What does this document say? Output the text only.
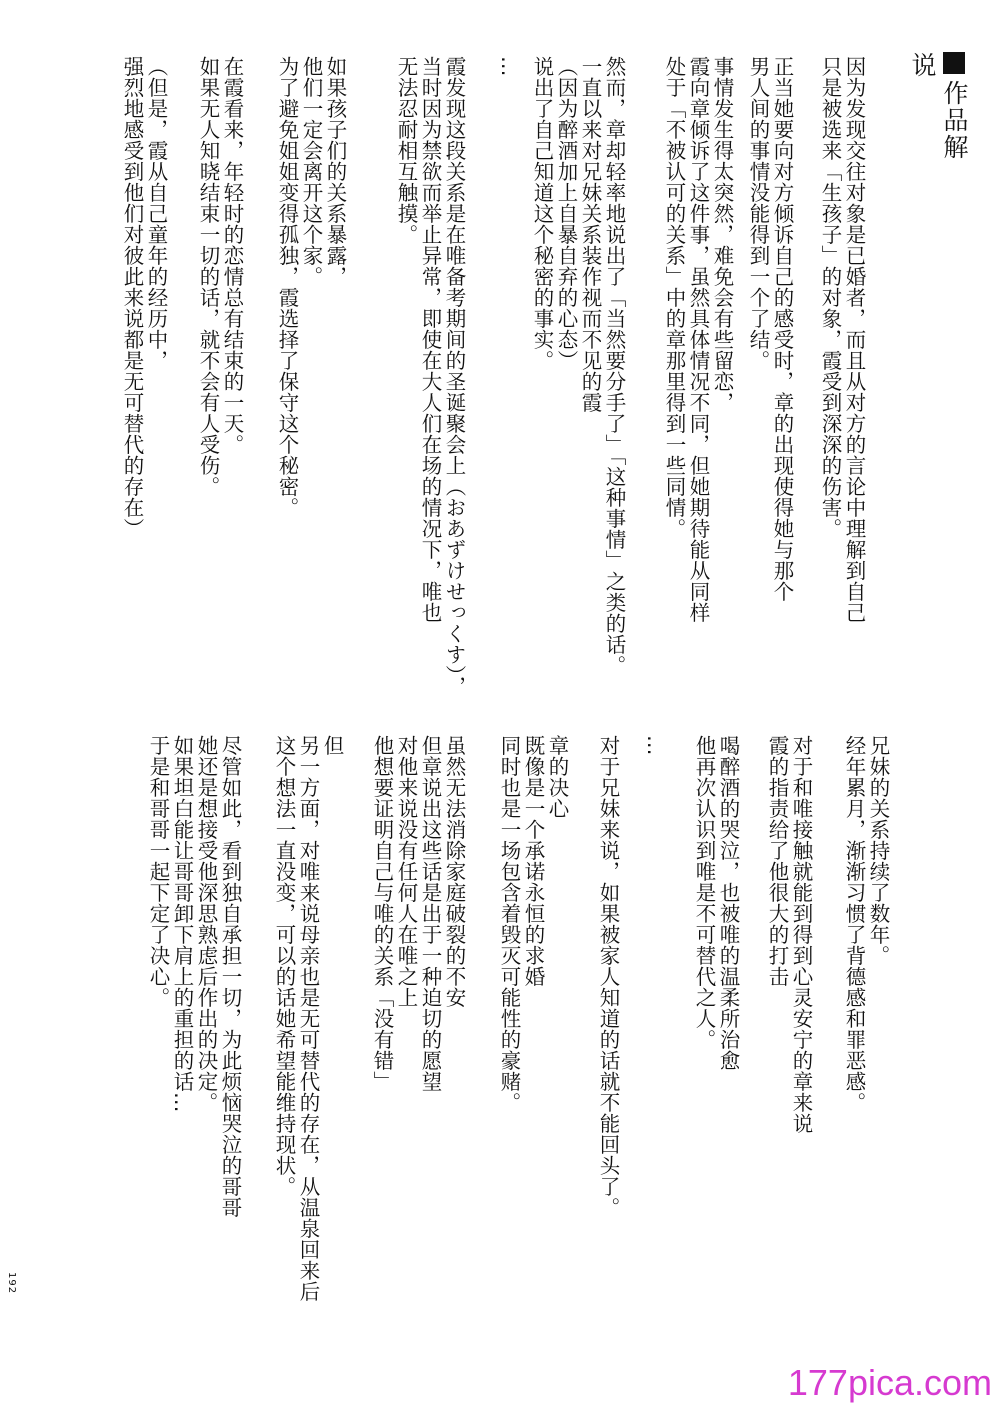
作品解说
因为发现交往对象是已婚者，而且从对方的言论中理解到自己
只是被选来「生孩子」的对象，霞受到深深的伤害。
正当她要向对方倾诉自己的感受时，章的出现使得她与那个
男人间的事情没能得到一个了结。
事情发生得太突然，难免会有些留恋，
霞向章倾诉了这件事，虽然具体情况不同，但她期待能从同样
处于「不被认可的关系」中的章那里得到一些同情。
然而，章却轻率地说出了「当然要分手了」「这种事情」之类的话。
一直以来对兄妹关系装作视而不见的霞
（因为醉酒加上自暴自弃的心态）
说出了自己知道这个秘密的事实。
…
霞发现这段关系是在唯备考期间的圣诞聚会上（おあずけせっくす），
当时因为禁欲而举止异常，即使在大人们在场的情况下，唯也
无法忍耐相互触摸。
如果孩子们的关系暴露，
他们一定会离开这个家。
为了避免姐姐变得孤独，霞选择了保守这个秘密。
在霞看来，年轻时的恋情总有结束的一天。
如果无人知晓结束一切的话，就不会有人受伤。
（但是，霞从自己童年的经历中，
强烈地感受到他们对彼此来说都是无可替代的存在）
兄妹的关系持续了数年。
经年累月，渐渐习惯了背德感和罪恶感。
对于和唯接触就能到得到心灵安宁的章来说
霞的指责给了他很大的打击
喝醉酒的哭泣，也被唯的温柔所治愈
他再次认识到唯是不可替代之人。
…
对于兄妹来说，如果被家人知道的话就不能回头了。
章的决心
既像是一个承诺永恒的求婚
同时也是一场包含着毁灭可能性的豪赌。
虽然无法消除家庭破裂的不安
但章说出这些话是出于一种迫切的愿望
对他来说没有任何人在唯之上
他想要证明自己与唯的关系「没有错」
但
另一方面，对唯来说母亲也是无可替代的存在，从温泉回来后
这个想法一直没变，可以的话她希望能维持现状。
尽管如此，看到独自承担一切，为此烦恼哭泣的哥哥
她还是想接受他深思熟虑后作出的决定。
如果坦白能让哥哥卸下肩上的重担的话…
于是和哥哥一起下定了决心。
192
177pica.com
